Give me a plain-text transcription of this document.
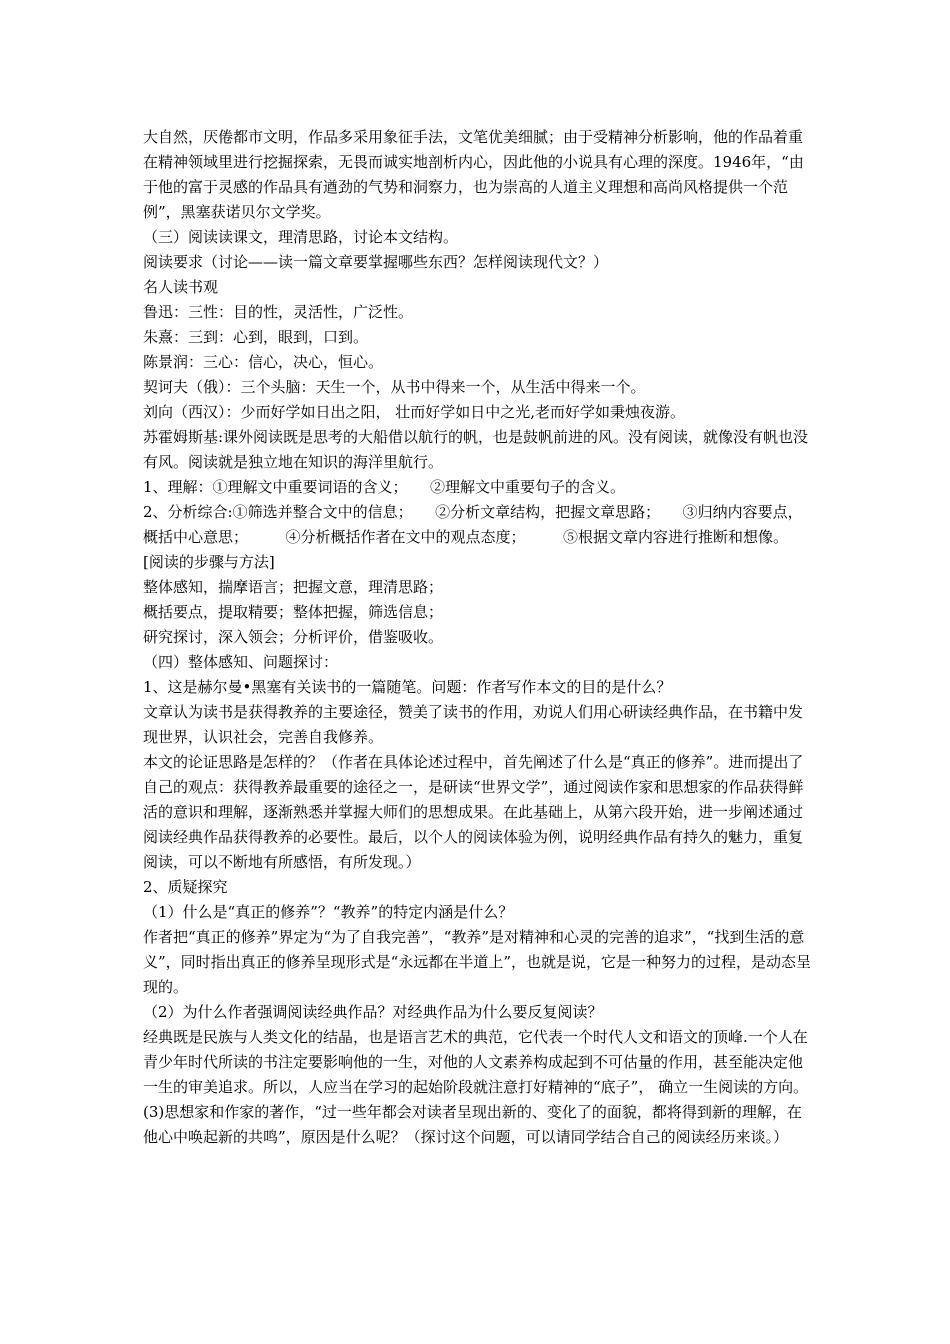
大自然，厌倦都市文明，作品多采用象征手法，文笔优美细腻；由于受精神分析影响，他的作品着重在精神领域里进行挖掘探索，无畏而诚实地剖析内心，因此他的小说具有心理的深度。1946年，“由于他的富于灵感的作品具有遒劲的气势和洞察力，也为崇高的人道主义理想和高尚风格提供一个范例”，黑塞获诺贝尔文学奖。

（三）阅读读课文，理清思路，讨论本文结构。

阅读要求（讨论——读一篇文章要掌握哪些东西？怎样阅读现代文？）

名人读书观

鲁迅：三性：目的性，灵活性，广泛性。

朱熹：三到：心到，眼到，口到。

陈景润：三心：信心，决心，恒心。

契诃夫（俄）：三个头脑：天生一个，从书中得来一个，从生活中得来一个。

刘向（西汉）：少而好学如日出之阳， 壮而好学如日中之光,老而好学如秉烛夜游。

苏霍姆斯基:课外阅读既是思考的大船借以航行的帆，也是鼓帆前进的风。没有阅读，就像没有帆也没有风。阅读就是独立地在知识的海洋里航行。

1、理解：①理解文中重要词语的含义；　　②理解文中重要句子的含义。

2、分析综合:①筛选并整合文中的信息；　　②分析文章结构，把握文章思路；　　③归纳内容要点，概括中心意思；　　　④分析概括作者在文中的观点态度；　　　⑤根据文章内容进行推断和想像。

[阅读的步骤与方法]

整体感知，揣摩语言；把握文意，理清思路；

概括要点，提取精要；整体把握，筛选信息；

研究探讨，深入领会；分析评价，借鉴吸收。

（四）整体感知、问题探讨：

1、这是赫尔曼•黑塞有关读书的一篇随笔。问题：作者写作本文的目的是什么？

文章认为读书是获得教养的主要途径，赞美了读书的作用，劝说人们用心研读经典作品，在书籍中发现世界，认识社会，完善自我修养。

本文的论证思路是怎样的？（作者在具体论述过程中，首先阐述了什么是“真正的修养”。进而提出了自己的观点：获得教养最重要的途径之一，是研读“世界文学”，通过阅读作家和思想家的作品获得鲜活的意识和理解，逐渐熟悉并掌握大师们的思想成果。在此基础上，从第六段开始，进一步阐述通过阅读经典作品获得教养的必要性。最后，以个人的阅读体验为例，说明经典作品有持久的魅力，重复阅读，可以不断地有所感悟，有所发现。）

2、质疑探究

（1）什么是“真正的修养”？“教养”的特定内涵是什么？

作者把“真正的修养”界定为“为了自我完善”，“教养”是对精神和心灵的完善的追求”，“找到生活的意义”，同时指出真正的修养呈现形式是“永远都在半道上”，也就是说，它是一种努力的过程，是动态呈现的。

（2）为什么作者强调阅读经典作品？对经典作品为什么要反复阅读？

经典既是民族与人类文化的结晶，也是语言艺术的典范，它代表一个时代人文和语文的顶峰.一个人在青少年时代所读的书注定要影响他的一生，对他的人文素养构成起到不可估量的作用，甚至能决定他一生的审美追求。所以，人应当在学习的起始阶段就注意打好精神的“底子”， 确立一生阅读的方向。

(3)思想家和作家的著作，“过一些年都会对读者呈现出新的、变化了的面貌，都将得到新的理解，在他心中唤起新的共鸣”，原因是什么呢？（探讨这个问题，可以请同学结合自己的阅读经历来谈。）
